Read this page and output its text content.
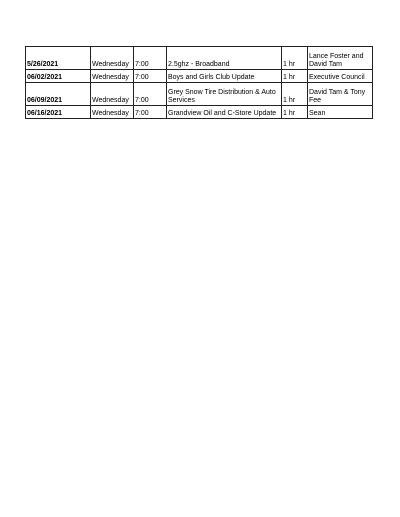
5/26/2021	Wednesday	7:00	2.5ghz - Broadband	1 hr	Lance Foster and David Tam
06/02/2021	Wednesday	7:00	Boys and Girls Club Update	1 hr	Executive Council
06/09/2021	Wednesday	7:00	Grey Snow Tire Distribution & Auto Services	1 hr	David Tam & Tony Fee
06/16/2021	Wednesday	7:00	Grandview Oil and C-Store Update	1 hr	Sean
